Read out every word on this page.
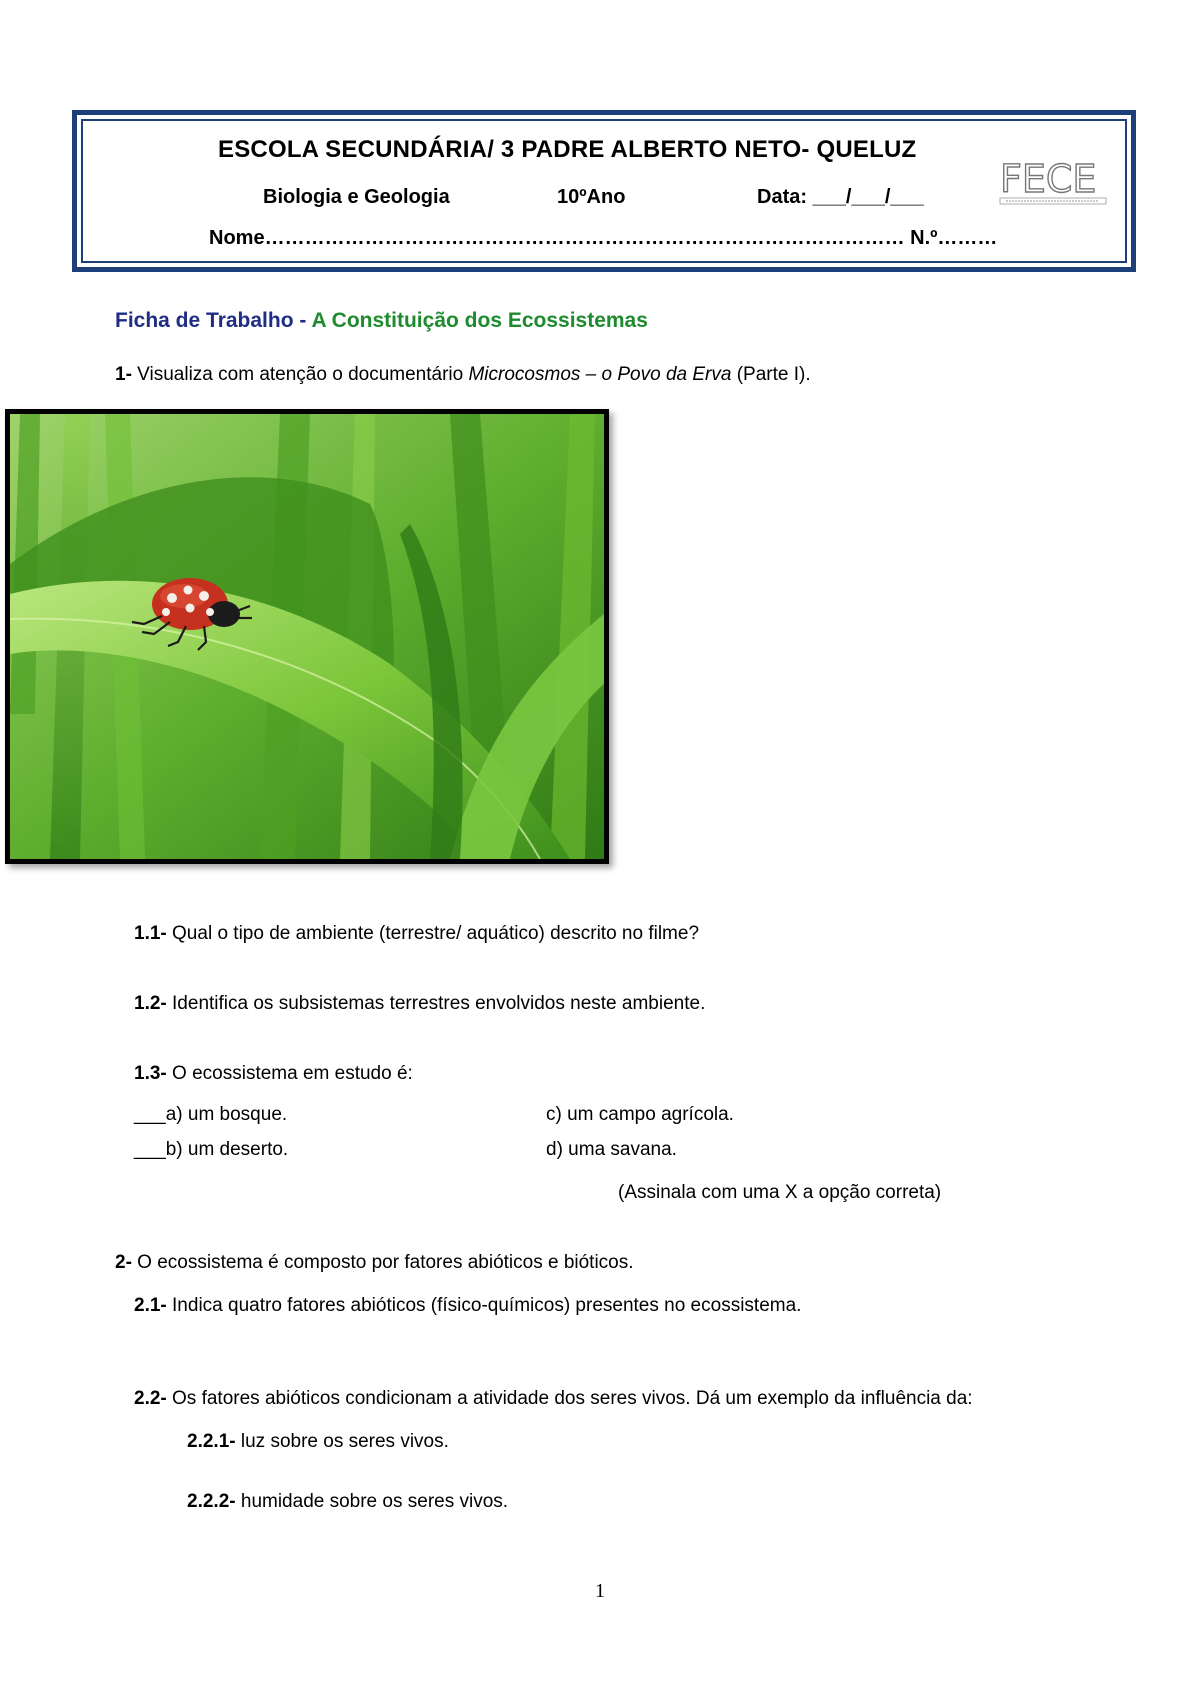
ESCOLA SECUNDÁRIA/ 3 PADRE ALBERTO NETO- QUELUZ
Biologia e Geologia	10ºAno	Data: ___/___/___
Nome…………………………………………………………………………………… N.º………
FECE
Ficha de Trabalho - A Constituição dos Ecossistemas
1- Visualiza com atenção o documentário Microcosmos – o Povo da Erva (Parte I).
1.1- Qual o tipo de ambiente (terrestre/ aquático) descrito no filme?
1.2- Identifica os subsistemas terrestres envolvidos neste ambiente.
1.3- O ecossistema em estudo é:
___a) um bosque.
___b) um deserto.
c) um campo agrícola.
d) uma savana.
(Assinala com uma X a opção correta)
2- O ecossistema é composto por fatores abióticos e bióticos.
2.1- Indica quatro fatores abióticos (físico-químicos) presentes no ecossistema.
2.2- Os fatores abióticos condicionam a atividade dos seres vivos. Dá um exemplo da influência da:
2.2.1- luz sobre os seres vivos.
2.2.2- humidade sobre os seres vivos.
1
